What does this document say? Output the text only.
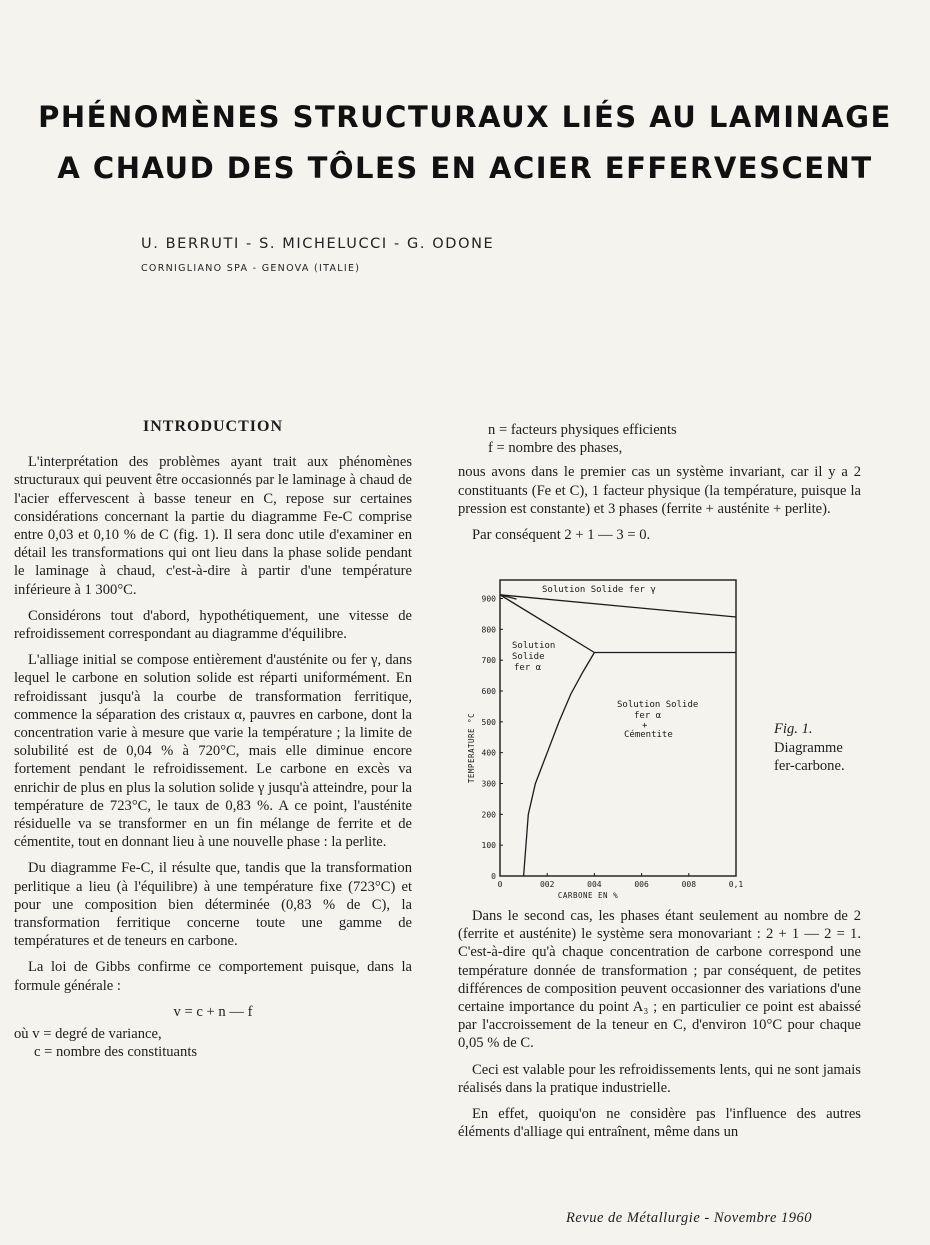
PHÉNOMÈNES STRUCTURAUX LIÉS AU LAMINAGE
A CHAUD DES TÔLES EN ACIER EFFERVESCENT
U. BERRUTI - S. MICHELUCCI - G. ODONE
CORNIGLIANO SPA - GENOVA (ITALIE)
INTRODUCTION

L'interprétation des problèmes ayant trait aux phénomènes structuraux qui peuvent être occasionnés par le laminage à chaud de l'acier effervescent à basse teneur en C, repose sur certaines considérations concernant la partie du diagramme Fe-C comprise entre 0,03 et 0,10 % de C (fig. 1). Il sera donc utile d'examiner en détail les transformations qui ont lieu dans la phase solide pendant le laminage à chaud, c'est-à-dire à partir d'une température inférieure à 1 300°C.

Considérons tout d'abord, hypothétiquement, une vitesse de refroidissement correspondant au diagramme d'équilibre.

L'alliage initial se compose entièrement d'austénite ou fer γ, dans lequel le carbone en solution solide est réparti uniformément. En refroidissant jusqu'à la courbe de transformation ferritique, commence la séparation des cristaux α, pauvres en carbone, dont la concentration varie à mesure que varie la température ; la limite de solubilité est de 0,04 % à 720°C, mais elle diminue encore fortement pendant le refroidissement. Le carbone en excès va enrichir de plus en plus la solution solide γ jusqu'à atteindre, pour la température de 723°C, le taux de 0,83 %. A ce point, l'austénite résiduelle va se transformer en un fin mélange de ferrite et de cémentite, tout en donnant lieu à une nouvelle phase : la perlite.

Du diagramme Fe-C, il résulte que, tandis que la transformation perlitique a lieu (à l'équilibre) à une température fixe (723°C) et pour une composition bien déterminée (0,83 % de C), la transformation ferritique concerne toute une gamme de températures et de teneurs en carbone.

La loi de Gibbs confirme ce comportement puisque, dans la formule générale :

v = c + n — f

où v = degré de variance,

c = nombre des constituants

n = facteurs physiques efficients

f = nombre des phases,

nous avons dans le premier cas un système invariant, car il y a 2 constituants (Fe et C), 1 facteur physique (la température, puisque la pression est constante) et 3 phases (ferrite + austénite + perlite).

Par conséquent 2 + 1 — 3 = 0.

0	002	004	006	008	0,1
0
100
200
300
400
500
600
700
800
900
CARBONE EN %
TEMPERATURE °C
Solution Solide fer γ
Solution
Solide
fer α
Solution Solide
fer α
+
Cémentite	Fig. 1.
Diagramme
fer-carbone.

Dans le second cas, les phases étant seulement au nombre de 2 (ferrite et austénite) le système sera monovariant : 2 + 1 — 2 = 1. C'est-à-dire qu'à chaque concentration de carbone correspond une température donnée de transformation ; par conséquent, de petites différences de composition peuvent occasionner des variations d'une certaine importance du point A₃ ; en particulier ce point est abaissé par l'accroissement de la teneur en C, d'environ 10°C pour chaque 0,05 % de C.

Ceci est valable pour les refroidissements lents, qui ne sont jamais réalisés dans la pratique industrielle.

En effet, quoiqu'on ne considère pas l'influence des autres éléments d'alliage qui entraînent, même dans un

Revue de Métallurgie - Novembre 1960
